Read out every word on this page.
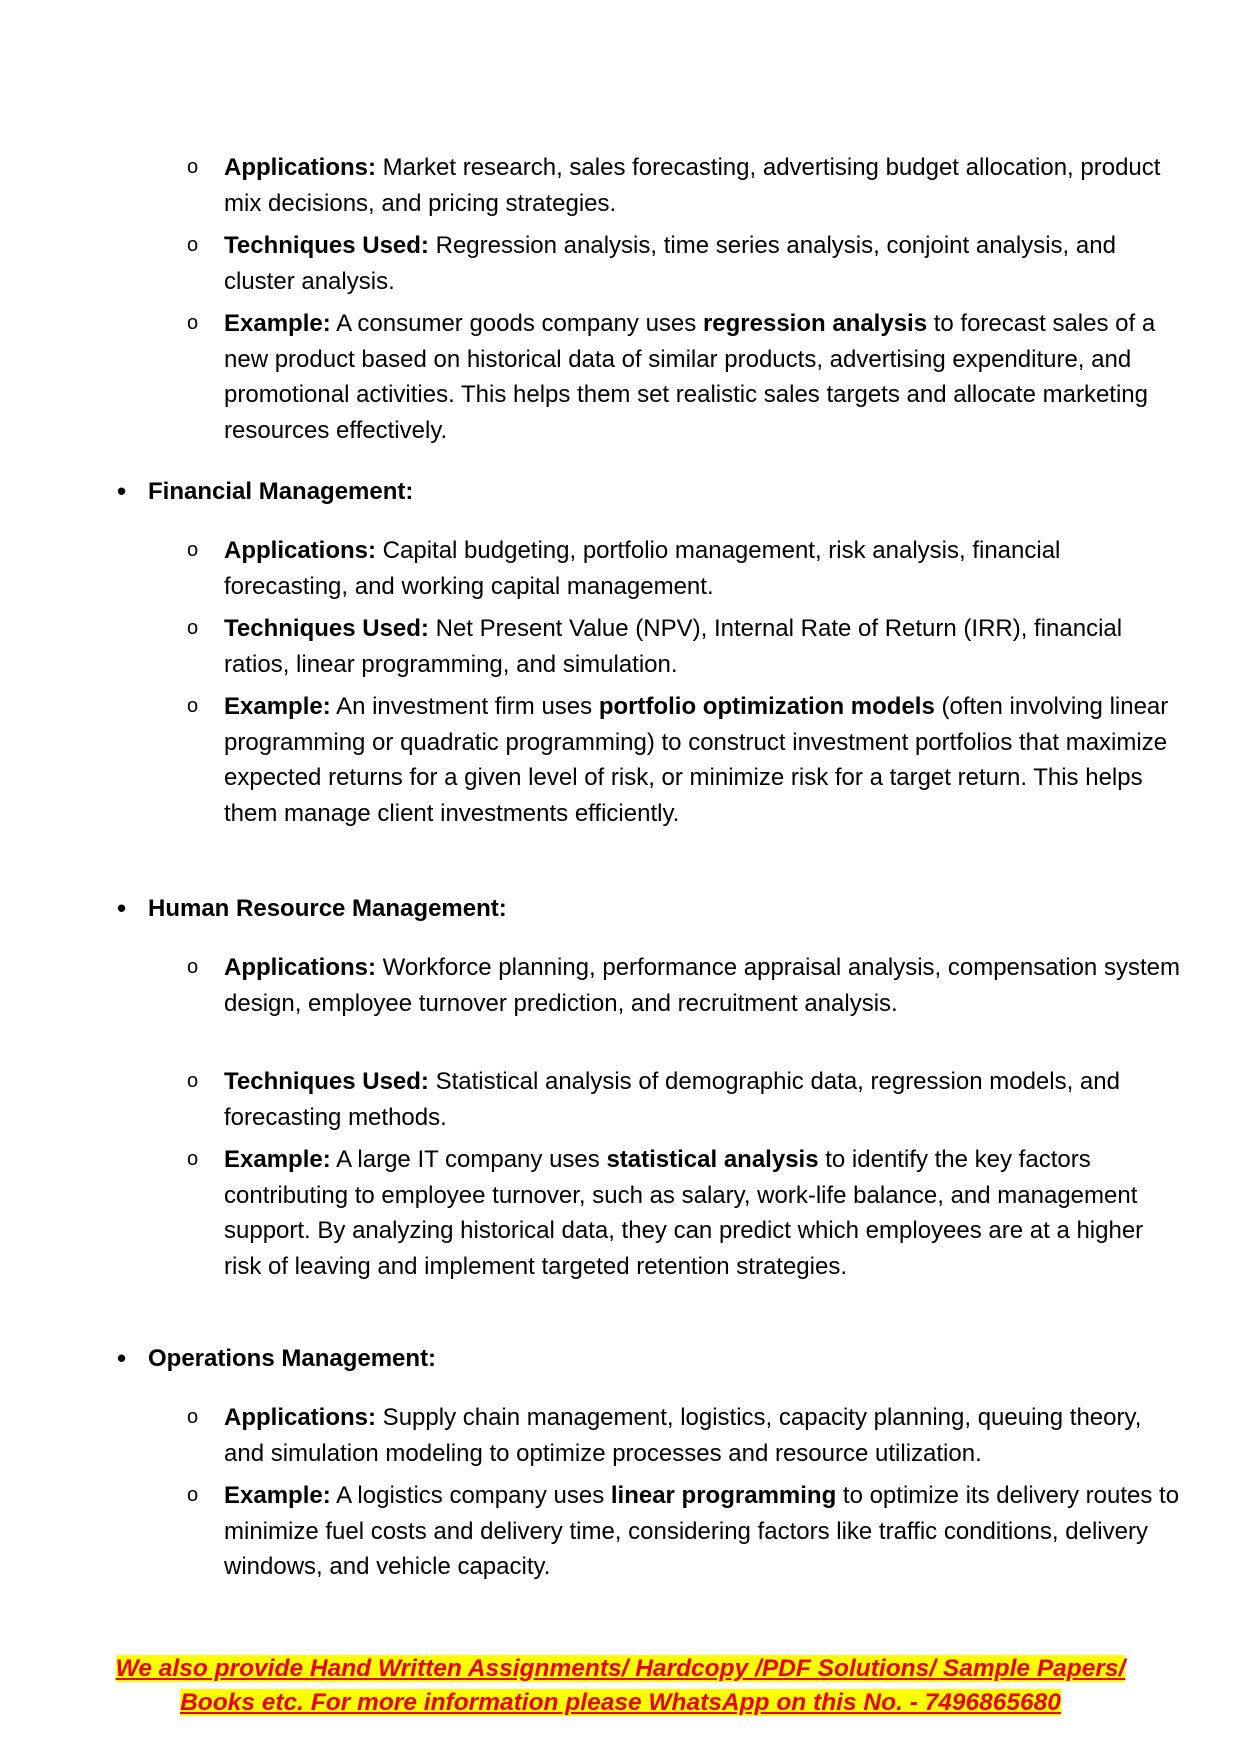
o Applications: Market research, sales forecasting, advertising budget allocation, product mix decisions, and pricing strategies.
o Techniques Used: Regression analysis, time series analysis, conjoint analysis, and cluster analysis.
o Example: A consumer goods company uses regression analysis to forecast sales of a new product based on historical data of similar products, advertising expenditure, and promotional activities. This helps them set realistic sales targets and allocate marketing resources effectively.
• Financial Management:
o Applications: Capital budgeting, portfolio management, risk analysis, financial forecasting, and working capital management.
o Techniques Used: Net Present Value (NPV), Internal Rate of Return (IRR), financial ratios, linear programming, and simulation.
o Example: An investment firm uses portfolio optimization models (often involving linear programming or quadratic programming) to construct investment portfolios that maximize expected returns for a given level of risk, or minimize risk for a target return. This helps them manage client investments efficiently.
• Human Resource Management:
o Applications: Workforce planning, performance appraisal analysis, compensation system design, employee turnover prediction, and recruitment analysis.
o Techniques Used: Statistical analysis of demographic data, regression models, and forecasting methods.
o Example: A large IT company uses statistical analysis to identify the key factors contributing to employee turnover, such as salary, work-life balance, and management support. By analyzing historical data, they can predict which employees are at a higher risk of leaving and implement targeted retention strategies.
• Operations Management:
o Applications: Supply chain management, logistics, capacity planning, queuing theory, and simulation modeling to optimize processes and resource utilization.
o Example: A logistics company uses linear programming to optimize its delivery routes to minimize fuel costs and delivery time, considering factors like traffic conditions, delivery windows, and vehicle capacity.
We also provide Hand Written Assignments/ Hardcopy /PDF Solutions/ Sample Papers/
Books etc. For more information please WhatsApp on this No. - 7496865680
